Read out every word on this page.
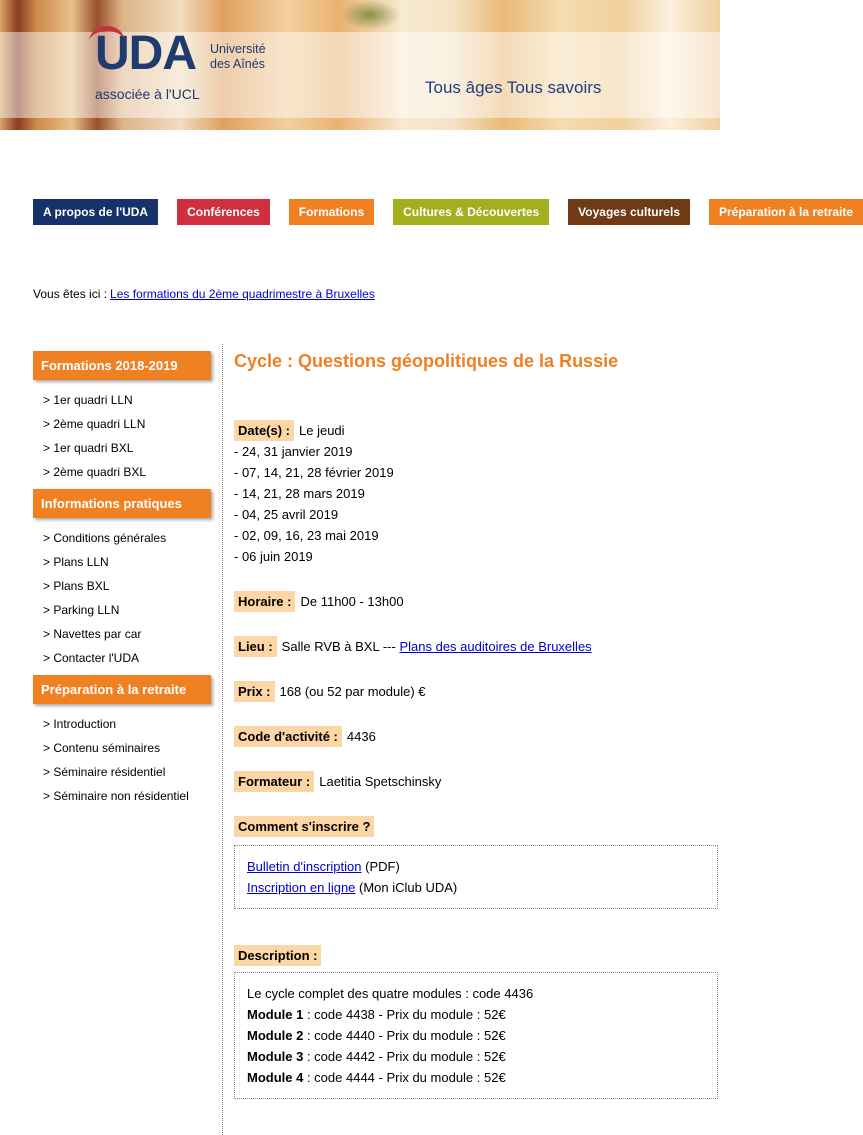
UDA Université des Aînés
associée à l'UCL	Tous âges Tous savoirs
A propos de l'UDA	Conférences	Formations	Cultures & Découvertes	Voyages culturels	Préparation à la retraite
Vous êtes ici : Les formations du 2ème quadrimestre à Bruxelles
Formations 2018-2019
> 1er quadri LLN
> 2ème quadri LLN
> 1er quadri BXL
> 2ème quadri BXL
Informations pratiques
> Conditions générales
> Plans LLN
> Plans BXL
> Parking LLN
> Navettes par car
> Contacter l'UDA
Préparation à la retraite
> Introduction
> Contenu séminaires
> Séminaire résidentiel
> Séminaire non résidentiel
Cycle : Questions géopolitiques de la Russie
Date(s) : Le jeudi
- 24, 31 janvier 2019
- 07, 14, 21, 28 février 2019
- 14, 21, 28 mars 2019
- 04, 25 avril 2019
- 02, 09, 16, 23 mai 2019
- 06 juin 2019
Horaire : De 11h00 - 13h00
Lieu : Salle RVB à BXL --- Plans des auditoires de Bruxelles
Prix : 168 (ou 52 par module) €
Code d'activité : 4436
Formateur : Laetitia Spetschinsky
Comment s'inscrire ?
Bulletin d'inscription (PDF)
Inscription en ligne (Mon iClub UDA)
Description :
Le cycle complet des quatre modules : code 4436
Module 1 : code 4438 - Prix du module : 52€
Module 2 : code 4440 - Prix du module : 52€
Module 3 : code 4442 - Prix du module : 52€
Module 4 : code 4444 - Prix du module : 52€
